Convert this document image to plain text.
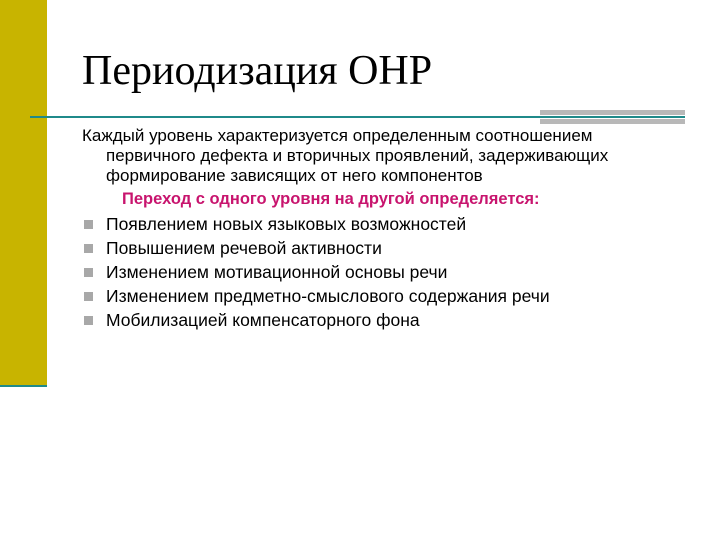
Периодизация ОНР

Каждый уровень характеризуется определенным соотношением первичного дефекта и вторичных проявлений, задерживающих формирование зависящих от него компонентов

Переход с одного уровня на другой определяется:

Появлением новых языковых возможностей
Повышением речевой активности
Изменением мотивационной основы речи
Изменением предметно-смыслового содержания речи
Мобилизацией компенсаторного фона
